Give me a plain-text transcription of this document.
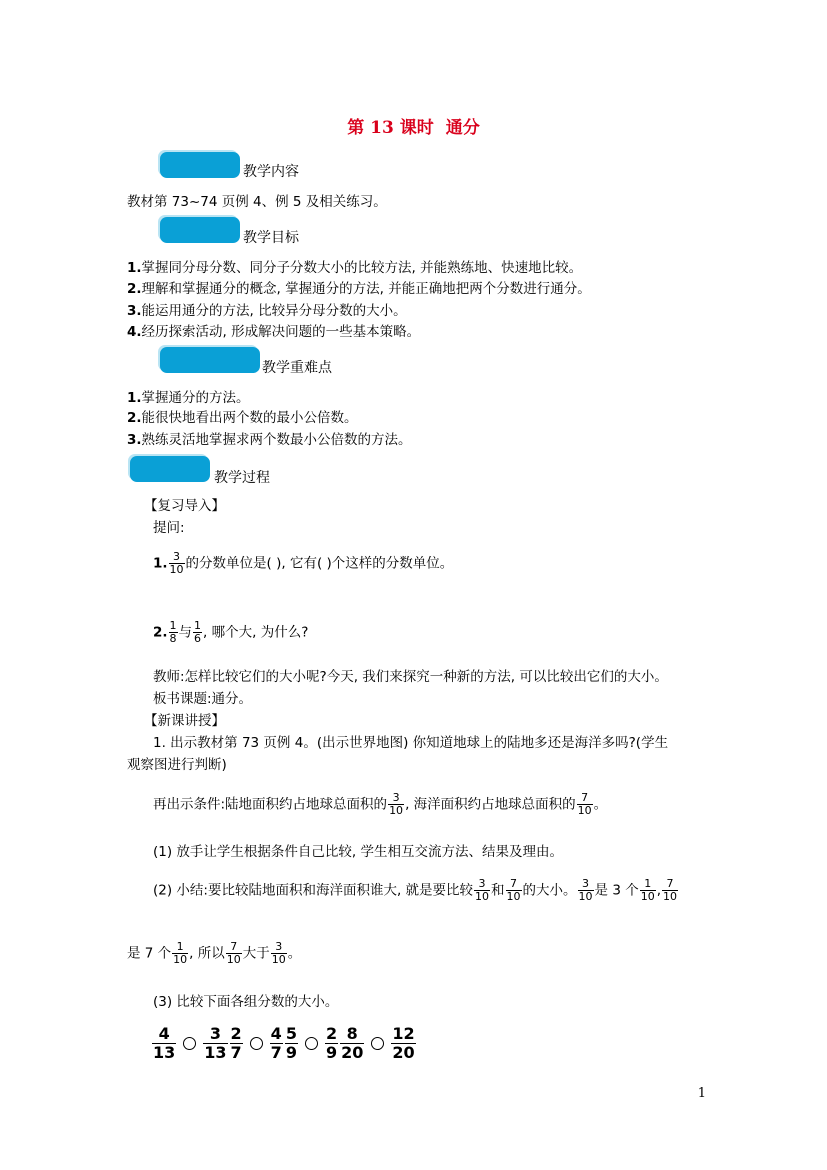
第 13 课时 通分
教学内容
教材第 73~74 页例 4、例 5 及相关练习。
教学目标
1.掌握同分母分数、同分子分数大小的比较方法, 并能熟练地、快速地比较。
2.理解和掌握通分的概念, 掌握通分的方法, 并能正确地把两个分数进行通分。
3.能运用通分的方法, 比较异分母分数的大小。
4.经历探索活动, 形成解决问题的一些基本策略。
教学重难点
1.掌握通分的方法。
2.能很快地看出两个数的最小公倍数。
3.熟练灵活地掌握求两个数最小公倍数的方法。
教学过程
【复习导入】
提问:
1. $\frac{3}{10}$ 的分数单位是( ), 它有( )个这样的分数单位。
2. $\frac{1}{8}$ 与 $\frac{1}{6}$ , 哪个大, 为什么?
教师:怎样比较它们的大小呢?今天, 我们来探究一种新的方法, 可以比较出它们的大小。
板书课题:通分。
【新课讲授】
1. 出示教材第 73 页例 4。(出示世界地图) 你知道地球上的陆地多还是海洋多吗?(学生
观察图进行判断)
再出示条件:陆地面积约占地球总面积的 $\frac{3}{10}$ , 海洋面积约占地球总面积的 $\frac{7}{10}$ 。
(1) 放手让学生根据条件自己比较, 学生相互交流方法、结果及理由。
(2) 小结:要比较陆地面积和海洋面积谁大, 就是要比较 $\frac{3}{10}$ 和 $\frac{7}{10}$ 的大小。 $\frac{3}{10}$ 是 3 个 $\frac{1}{10}$ , $\frac{7}{10}$
是 7 个 $\frac{1}{10}$ , 所以 $\frac{7}{10}$ 大于 $\frac{3}{10}$ 。
(3) 比较下面各组分数的大小。
$\frac{4}{13} \frac{3}{13} \frac{2}{7} \frac{4}{7} \frac{5}{9} \frac{2}{9} \frac{8}{20} \frac{12}{20}$
1
